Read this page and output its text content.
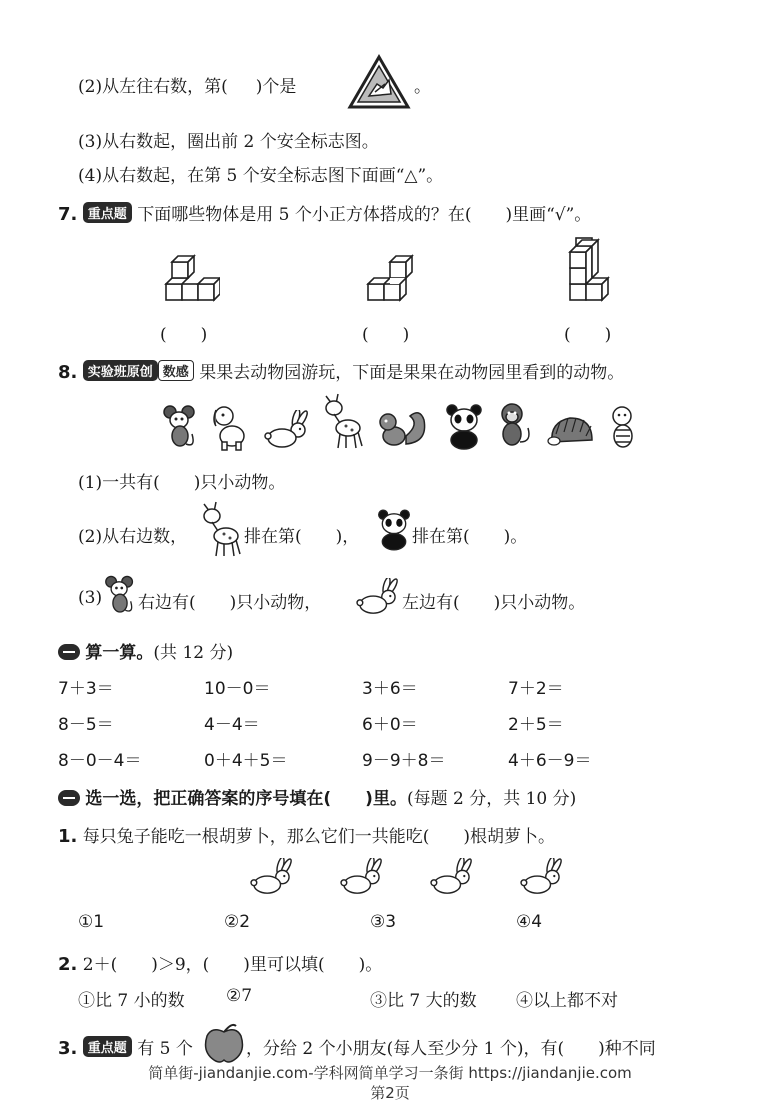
(2)从左往右数，第( )个是	。
(3)从右数起，圈出前 2 个安全标志图。
(4)从右数起，在第 5 个安全标志图下面画“△”。
7. 重点题 下面哪些物体是用 5 个小正方体搭成的？在(　　)里画“√”。
(　　)	(　　)	(　　)
8. 实验班原创 数感 果果去动物园游玩，下面是果果在动物园里看到的动物。
(1)一共有(　　)只小动物。
(2)从右边数，	排在第(　　)，	排在第(　　)。
(3) 右边有(　　)只小动物，	左边有(　　)只小动物。
算一算。(共 12 分)
7＋3＝	10－0＝	3＋6＝	7＋2＝
8－5＝	4－4＝	6＋0＝	2＋5＝
8－0－4＝	0＋4＋5＝	9－9＋8＝	4＋6－9＝
选一选，把正确答案的序号填在(　　)里。(每题 2 分，共 10 分)
1. 每只兔子能吃一根胡萝卜，那么它们一共能吃(　　)根胡萝卜。
①1	②2	③3	④4
2. 2＋(　　)＞9，(　　)里可以填(　　)。
①比 7 小的数 ②7	③比 7 大的数 ④以上都不对
3. 重点题 有 5 个	，分给 2 个小朋友(每人至少分 1 个)，有(　　)种不同
简单街-jiandanjie.com-学科网简单学习一条街 https://jiandanjie.com
第2页
